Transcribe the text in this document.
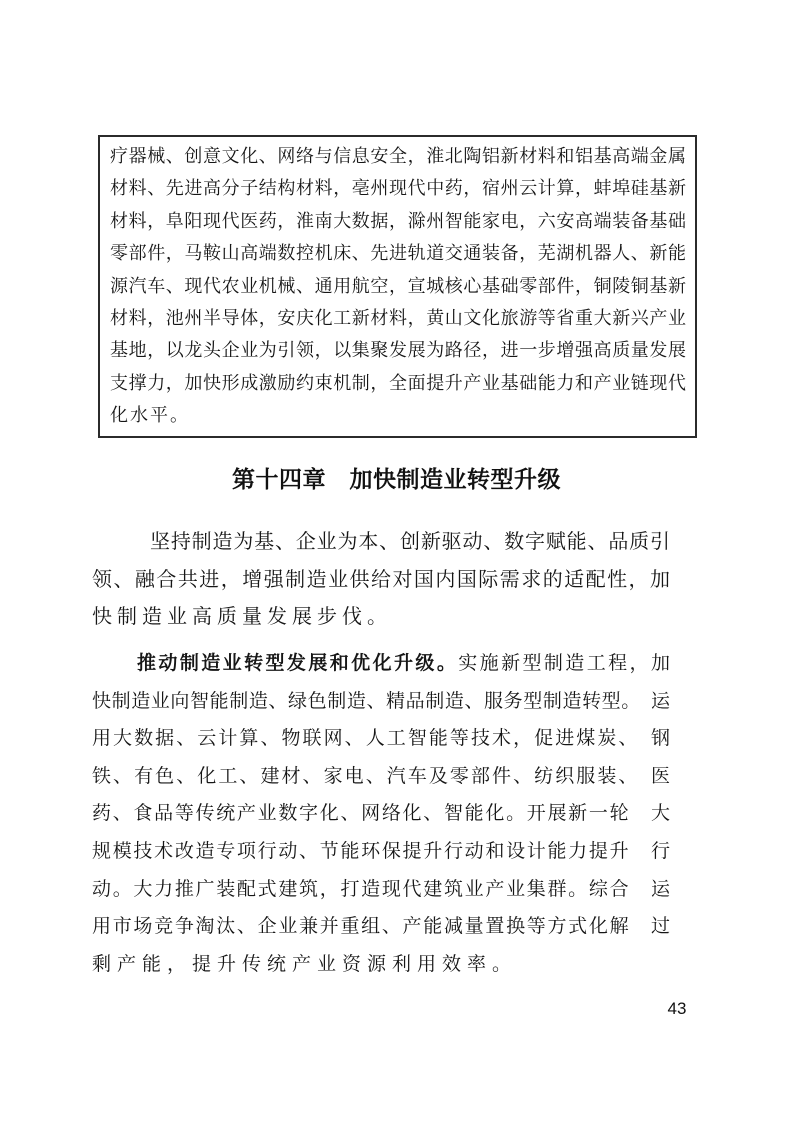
疗器械、创意文化、网络与信息安全，淮北陶铝新材料和铝基高端金属
材料、先进高分子结构材料，亳州现代中药，宿州云计算，蚌埠硅基新
材料，阜阳现代医药，淮南大数据，滁州智能家电，六安高端装备基础
零部件，马鞍山高端数控机床、先进轨道交通装备，芜湖机器人、新能
源汽车、现代农业机械、通用航空，宣城核心基础零部件，铜陵铜基新
材料，池州半导体，安庆化工新材料，黄山文化旅游等省重大新兴产业
基地，以龙头企业为引领，以集聚发展为路径，进一步增强高质量发展
支撑力，加快形成激励约束机制，全面提升产业基础能力和产业链现代
化水平。
第十四章　加快制造业转型升级
坚持制造为基、企业为本、创新驱动、数字赋能、品质引
领、融合共进，增强制造业供给对国内国际需求的适配性，加
快制造业高质量发展步伐。
推动制造业转型发展和优化升级。实施新型制造工程，加
快制造业向智能制造、绿色制造、精品制造、服务型制造转型。　运
用大数据、云计算、物联网、人工智能等技术，促进煤炭、　钢
铁、有色、化工、建材、家电、汽车及零部件、纺织服装、　医
药、食品等传统产业数字化、网络化、智能化。开展新一轮　大
规模技术改造专项行动、节能环保提升行动和设计能力提升　行
动。大力推广装配式建筑，打造现代建筑业产业集群。综合　运
用市场竞争淘汰、企业兼并重组、产能减量置换等方式化解　过
剩产能，提升传统产业资源利用效率。
43
